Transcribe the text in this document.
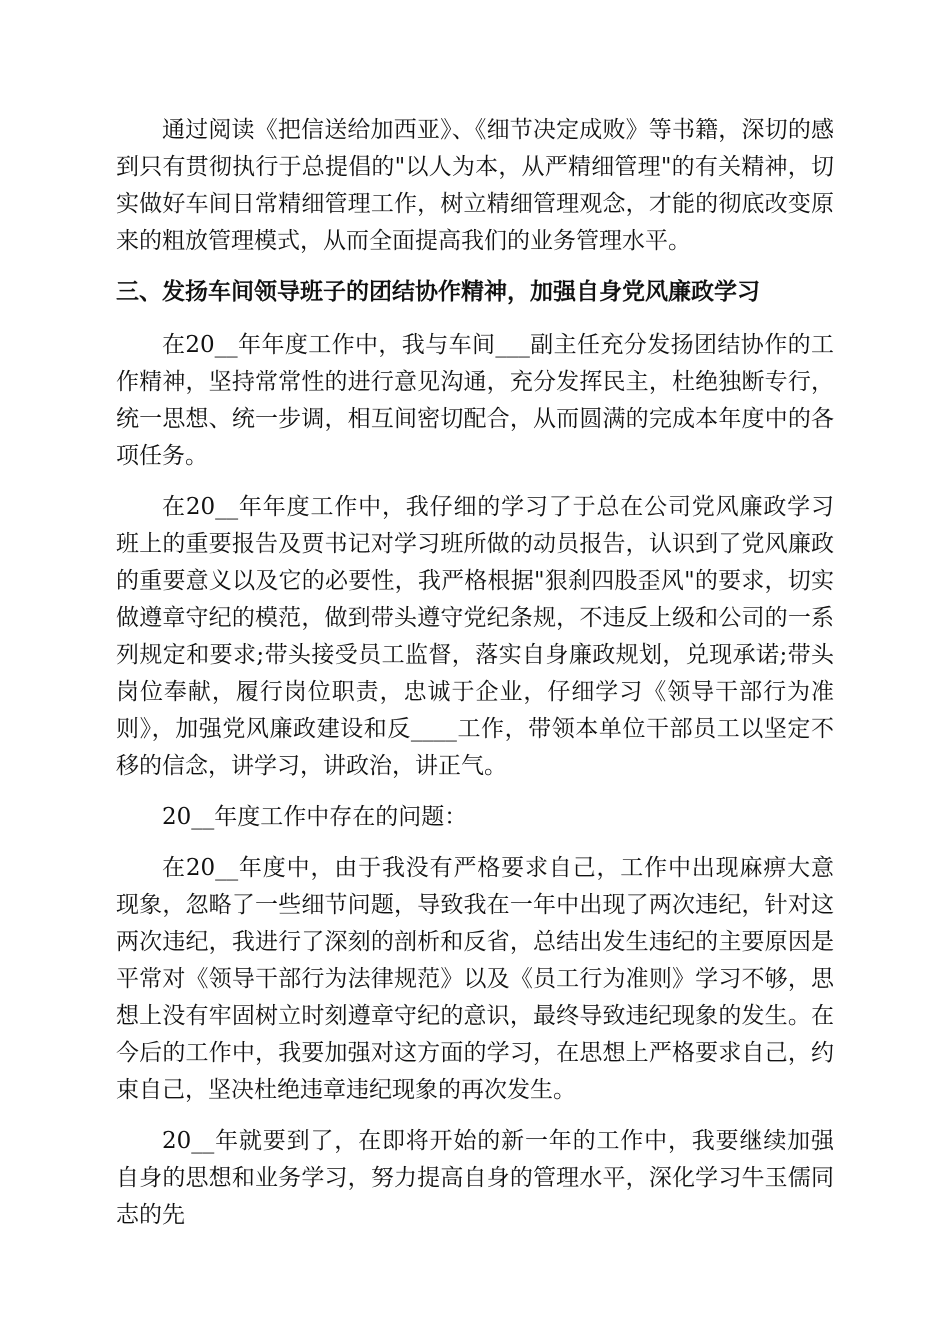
通过阅读《把信送给加西亚》、《细节决定成败》等书籍，深切的感到只有贯彻执行于总提倡的"以人为本，从严精细管理"的有关精神，切实做好车间日常精细管理工作，树立精细管理观念，才能的彻底改变原来的粗放管理模式，从而全面提高我们的业务管理水平。

三、发扬车间领导班子的团结协作精神，加强自身党风廉政学习

在20__年年度工作中，我与车间___副主任充分发扬团结协作的工作精神，坚持常常性的进行意见沟通，充分发挥民主，杜绝独断专行，统一思想、统一步调，相互间密切配合，从而圆满的完成本年度中的各项任务。

在20__年年度工作中，我仔细的学习了于总在公司党风廉政学习班上的重要报告及贾书记对学习班所做的动员报告，认识到了党风廉政的重要意义以及它的必要性，我严格根据"狠刹四股歪风"的要求，切实做遵章守纪的模范，做到带头遵守党纪条规，不违反上级和公司的一系列规定和要求;带头接受员工监督，落实自身廉政规划，兑现承诺;带头岗位奉献，履行岗位职责，忠诚于企业，仔细学习《领导干部行为准则》，加强党风廉政建设和反____工作，带领本单位干部员工以坚定不移的信念，讲学习，讲政治，讲正气。

20__年度工作中存在的问题：

在20__年度中，由于我没有严格要求自己，工作中出现麻痹大意现象，忽略了一些细节问题，导致我在一年中出现了两次违纪，针对这两次违纪，我进行了深刻的剖析和反省，总结出发生违纪的主要原因是平常对《领导干部行为法律规范》以及《员工行为准则》学习不够，思想上没有牢固树立时刻遵章守纪的意识，最终导致违纪现象的发生。在今后的工作中，我要加强对这方面的学习，在思想上严格要求自己，约束自己，坚决杜绝违章违纪现象的再次发生。

20__年就要到了，在即将开始的新一年的工作中，我要继续加强自身的思想和业务学习，努力提高自身的管理水平，深化学习牛玉儒同志的先
